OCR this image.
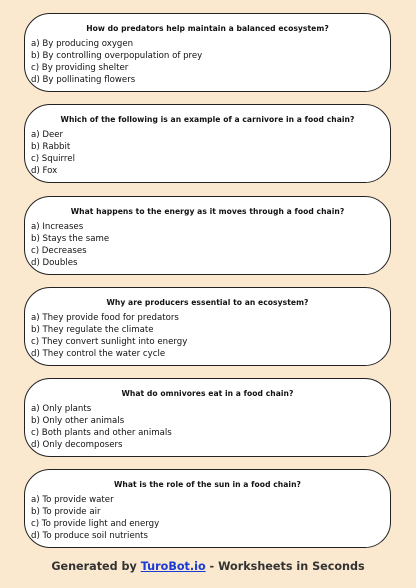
How do predators help maintain a balanced ecosystem?
a) By producing oxygen
b) By controlling overpopulation of prey
c) By providing shelter
d) By pollinating flowers
Which of the following is an example of a carnivore in a food chain?
a) Deer
b) Rabbit
c) Squirrel
d) Fox
What happens to the energy as it moves through a food chain?
a) Increases
b) Stays the same
c) Decreases
d) Doubles
Why are producers essential to an ecosystem?
a) They provide food for predators
b) They regulate the climate
c) They convert sunlight into energy
d) They control the water cycle
What do omnivores eat in a food chain?
a) Only plants
b) Only other animals
c) Both plants and other animals
d) Only decomposers
What is the role of the sun in a food chain?
a) To provide water
b) To provide air
c) To provide light and energy
d) To produce soil nutrients
Generated by TuroBot.io - Worksheets in Seconds
